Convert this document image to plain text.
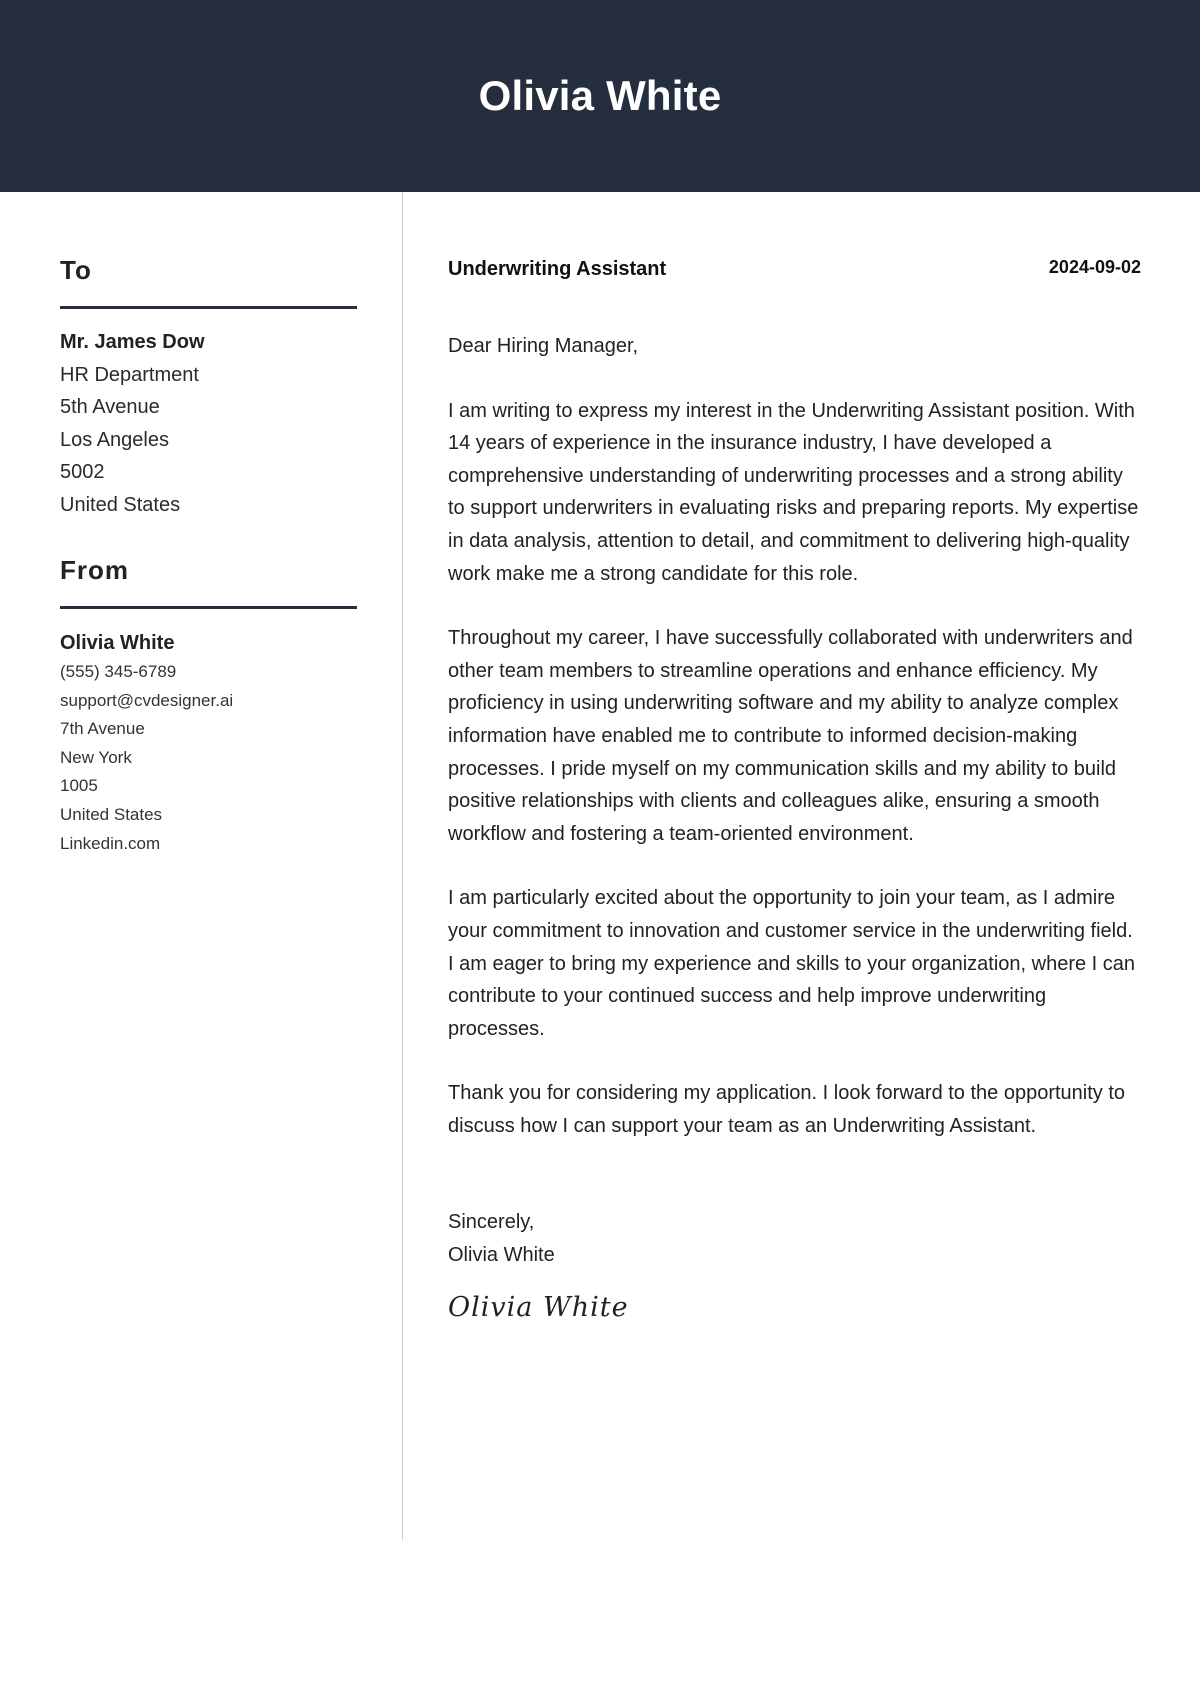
Olivia White
To
Mr. James Dow
HR Department
5th Avenue
Los Angeles
5002
United States
From
Olivia White
(555) 345-6789
support@cvdesigner.ai
7th Avenue
New York
1005
United States
Linkedin.com
Underwriting Assistant	2024-09-02

Dear Hiring Manager,

I am writing to express my interest in the Underwriting Assistant position. With 14 years of experience in the insurance industry, I have developed a comprehensive understanding of underwriting processes and a strong ability to support underwriters in evaluating risks and preparing reports. My expertise in data analysis, attention to detail, and commitment to delivering high-quality work make me a strong candidate for this role.

Throughout my career, I have successfully collaborated with underwriters and other team members to streamline operations and enhance efficiency. My proficiency in using underwriting software and my ability to analyze complex information have enabled me to contribute to informed decision-making processes. I pride myself on my communication skills and my ability to build positive relationships with clients and colleagues alike, ensuring a smooth workflow and fostering a team-oriented environment.

I am particularly excited about the opportunity to join your team, as I admire your commitment to innovation and customer service in the underwriting field. I am eager to bring my experience and skills to your organization, where I can contribute to your continued success and help improve underwriting processes.

Thank you for considering my application. I look forward to the opportunity to discuss how I can support your team as an Underwriting Assistant.

Sincerely,
Olivia White
Olivia White
